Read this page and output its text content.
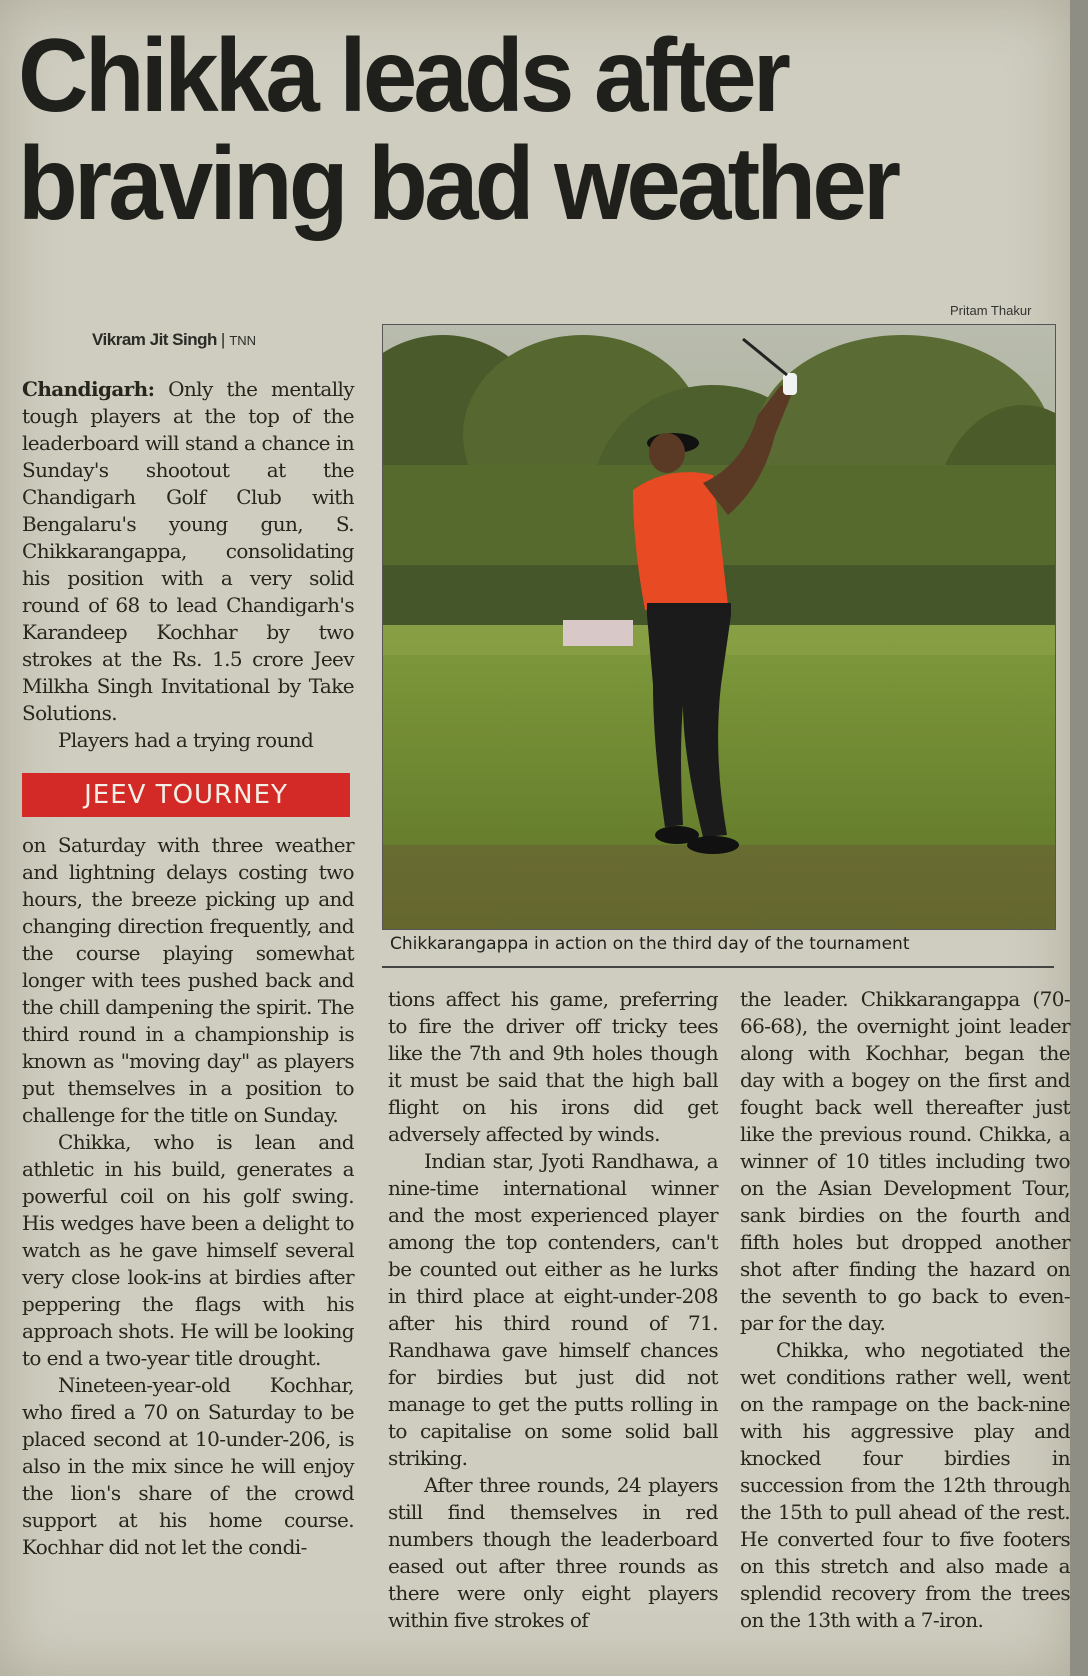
Chikka leads after braving bad weather
Vikram Jit Singh | TNN
Pritam Thakur
Chikkarangappa in action on the third day of the tournament

Chandigarh: Only the mentally tough players at the top of the leaderboard will stand a chance in Sunday's shootout at the Chandigarh Golf Club with Bengalaru's young gun, S. Chikkarangappa, consolidating his position with a very solid round of 68 to lead Chandigarh's Karandeep Kochhar by two strokes at the Rs. 1.5 crore Jeev Milkha Singh Invitational by Take Solutions.

Players had a trying round

JEEV TOURNEY

on Saturday with three weather and lightning delays costing two hours, the breeze picking up and changing direction frequently, and the course playing somewhat longer with tees pushed back and the chill dampening the spirit. The third round in a championship is known as "moving day" as players put themselves in a position to challenge for the title on Sunday.

Chikka, who is lean and athletic in his build, generates a powerful coil on his golf swing. His wedges have been a delight to watch as he gave himself several very close look-ins at birdies after peppering the flags with his approach shots. He will be looking to end a two-year title drought.

Nineteen-year-old Kochhar, who fired a 70 on Saturday to be placed second at 10-under-206, is also in the mix since he will enjoy the lion's share of the crowd support at his home course. Kochhar did not let the condi-

tions affect his game, preferring to fire the driver off tricky tees like the 7th and 9th holes though it must be said that the high ball flight on his irons did get adversely affected by winds.

Indian star, Jyoti Randhawa, a nine-time international winner and the most experienced player among the top contenders, can't be counted out either as he lurks in third place at eight-under-208 after his third round of 71. Randhawa gave himself chances for birdies but just did not manage to get the putts rolling in to capitalise on some solid ball striking.

After three rounds, 24 players still find themselves in red numbers though the leaderboard eased out after three rounds as there were only eight players within five strokes of

the leader. Chikkarangappa (70-66-68), the overnight joint leader along with Kochhar, began the day with a bogey on the first and fought back well thereafter just like the previous round. Chikka, a winner of 10 titles including two on the Asian Development Tour, sank birdies on the fourth and fifth holes but dropped another shot after finding the hazard on the seventh to go back to even-par for the day.

Chikka, who negotiated the wet conditions rather well, went on the rampage on the back-nine with his aggressive play and knocked four birdies in succession from the 12th through the 15th to pull ahead of the rest. He converted four to five footers on this stretch and also made a splendid recovery from the trees on the 13th with a 7-iron.
